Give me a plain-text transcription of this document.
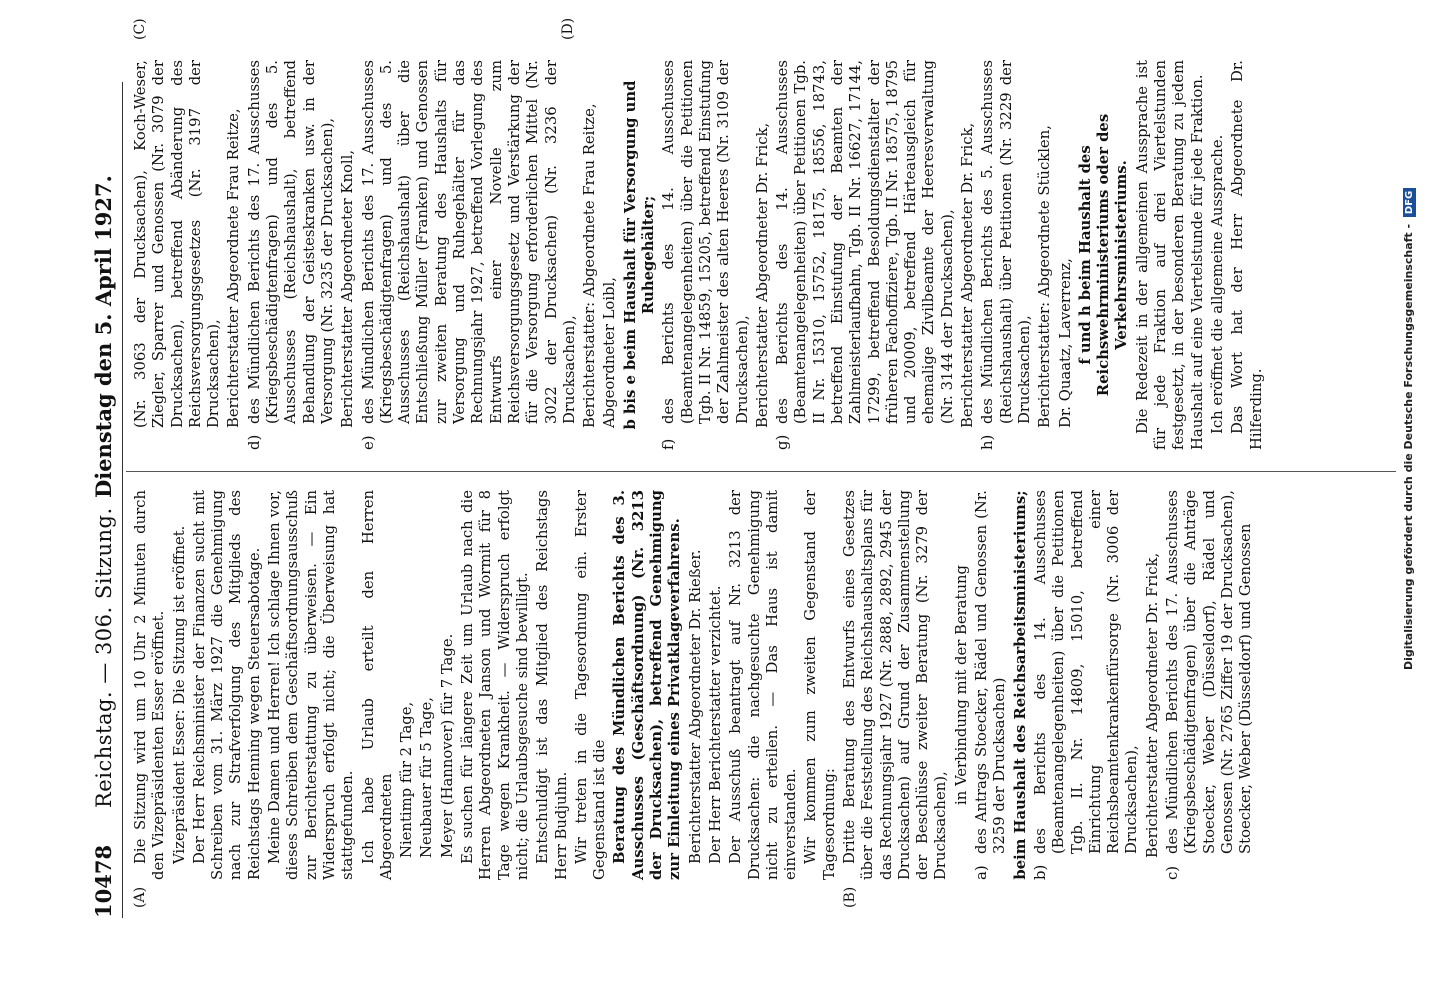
10478
Reichstag. — 306. Sitzung.
Dienstag den 5. April 1927.
(A)	(B)
(C)	(D)

Die Sitzung wird um 10 Uhr 2 Minuten durch den Vizepräsidenten Esser eröffnet. Vizepräsident Esser: Die Sitzung ist eröffnet. Der Herr Reichsminister der Finanzen sucht mit Schreiben vom 31. März 1927 die Genehmigung nach zur Strafverfolgung des Mitglieds des Reichstags Henning wegen Steuersabotage. Meine Damen und Herren! Ich schlage Ihnen vor, dieses Schreiben dem Geschäftsordnungsausschuß zur Berichterstattung zu überweisen. — Ein Widerspruch erfolgt nicht; die Überweisung hat stattgefunden. Ich habe Urlaub erteilt den Herren Abgeordneten Nientimp für 2 Tage, Neubauer für 5 Tage, Meyer (Hannover) für 7 Tage. Es suchen für längere Zeit um Urlaub nach die Herren Abgeordneten Janson und Wormit für 8 Tage wegen Krankheit. — Widerspruch erfolgt nicht; die Urlaubsgesuche sind bewilligt. Entschuldigt ist das Mitglied des Reichstags Herr Budjuhn. Wir treten in die Tagesordnung ein. Erster Gegenstand ist die Beratung des Mündlichen Berichts des 3. Ausschusses (Geschäftsordnung) (Nr. 3213 der Drucksachen), betreffend Genehmigung zur Einleitung eines Privatklageverfahrens. Berichterstatter Abgeordneter Dr. Rießer. Der Herr Berichterstatter verzichtet. Der Ausschuß beantragt auf Nr. 3213 der Drucksachen: die nachgesuchte Genehmigung nicht zu erteilen. — Das Haus ist damit einverstanden. Wir kommen zum zweiten Gegenstand der Tagesordnung: Dritte Beratung des Entwurfs eines Gesetzes über die Feststellung des Reichshaushaltsplans für das Rechnungsjahr 1927 (Nr. 2888, 2892, 2945 der Drucksachen) auf Grund der Zusammenstellung der Beschlüsse zweiter Beratung (Nr. 3279 der Drucksachen),

in Verbindung mit der Beratung

a)
des Antrags Stoecker, Rädel und Genossen (Nr. 3259 der Drucksachen) beim Haushalt des Reichsarbeitsministeriums; b)
des Berichts des 14. Ausschusses (Beamtenangelegenheiten) über die Petitionen Tgb. II. Nr. 14809, 15010, betreffend Einrichtung einer Reichsbeamtenkrankenfürsorge (Nr. 3006 der Drucksachen), Berichterstatter Abgeordneter Dr. Frick,

c)
des Mündlichen Berichts des 17. Ausschusses (Kriegsbeschädigtenfragen) über die Anträge Stoecker, Weber (Düsseldorf), Rädel und Genossen (Nr. 2765 Ziffer 19 der Drucksachen), Stoecker, Weber (Düsseldorf) und Genossen

(Nr. 3063 der Drucksachen), Koch-Weser, Ziegler, Sparrer und Genossen (Nr. 3079 der Drucksachen), betreffend Abänderung des Reichsversorgungsgesetzes (Nr. 3197 der Drucksachen), Berichterstatter Abgeordnete Frau Reitze,

d)
des Mündlichen Berichts des 17. Ausschusses (Kriegsbeschädigtenfragen) und des 5. Ausschusses (Reichshaushalt), betreffend Behandlung der Geisteskranken usw. in der Versorgung (Nr. 3235 der Drucksachen), Berichterstatter Abgeordneter Knoll,

e)
des Mündlichen Berichts des 17. Ausschusses (Kriegsbeschädigtenfragen) und des 5. Ausschusses (Reichshaushalt) über die Entschließung Müller (Franken) und Genossen zur zweiten Beratung des Haushalts für Versorgung und Ruhegehälter für das Rechnungsjahr 1927, betreffend Vorlegung des Entwurfs einer Novelle zum Reichsversorgungsgesetz und Verstärkung der für die Versorgung erforderlichen Mittel (Nr. 3022 der Drucksachen) (Nr. 3236 der Drucksachen), Berichterstatter: Abgeordnete Frau Reitze, Abgeordneter Loibl, b bis e beim Haushalt für Versorgung und Ruhegehälter;

f)
des Berichts des 14. Ausschusses (Beamtenangelegenheiten) über die Petitionen Tgb. II Nr. 14859, 15205, betreffend Einstufung der Zahlmeister des alten Heeres (Nr. 3109 der Drucksachen), Berichterstatter Abgeordneter Dr. Frick,

g)
des Berichts des 14. Ausschusses (Beamtenangelegenheiten) über Petitionen Tgb. II Nr. 15310, 15752, 18175, 18556, 18743, betreffend Einstufung der Beamten der Zahlmeisterlaufbahn, Tgb. II Nr. 16627, 17144, 17299, betreffend Besoldungsdienstalter der früheren Fachoffiziere, Tgb. II Nr. 18575, 18795 und 20009, betreffend Härteausgleich für ehemalige Zivilbeamte der Heeresverwaltung (Nr. 3144 der Drucksachen), Berichterstatter Abgeordneter Dr. Frick,

h)
des Mündlichen Berichts des 5. Ausschusses (Reichshaushalt) über Petitionen (Nr. 3229 der Drucksachen), Berichterstatter: Abgeordnete Stücklen, Dr. Quaatz, Laverrenz, f und h beim Haushalt des Reichswehrministeriums oder des Verkehrsministeriums. Die Redezeit in der allgemeinen Aussprache ist für jede Fraktion auf drei Viertelstunden festgesetzt, in der besonderen Beratung zu jedem Haushalt auf eine Viertelstunde für jede Fraktion. Ich eröffnet die allgemeine Aussprache. Das Wort hat der Herr Abgeordnete Dr. Hilferding.	Digitalisierung gefördert durch die Deutsche Forschungsgemeinschaft - DFG
